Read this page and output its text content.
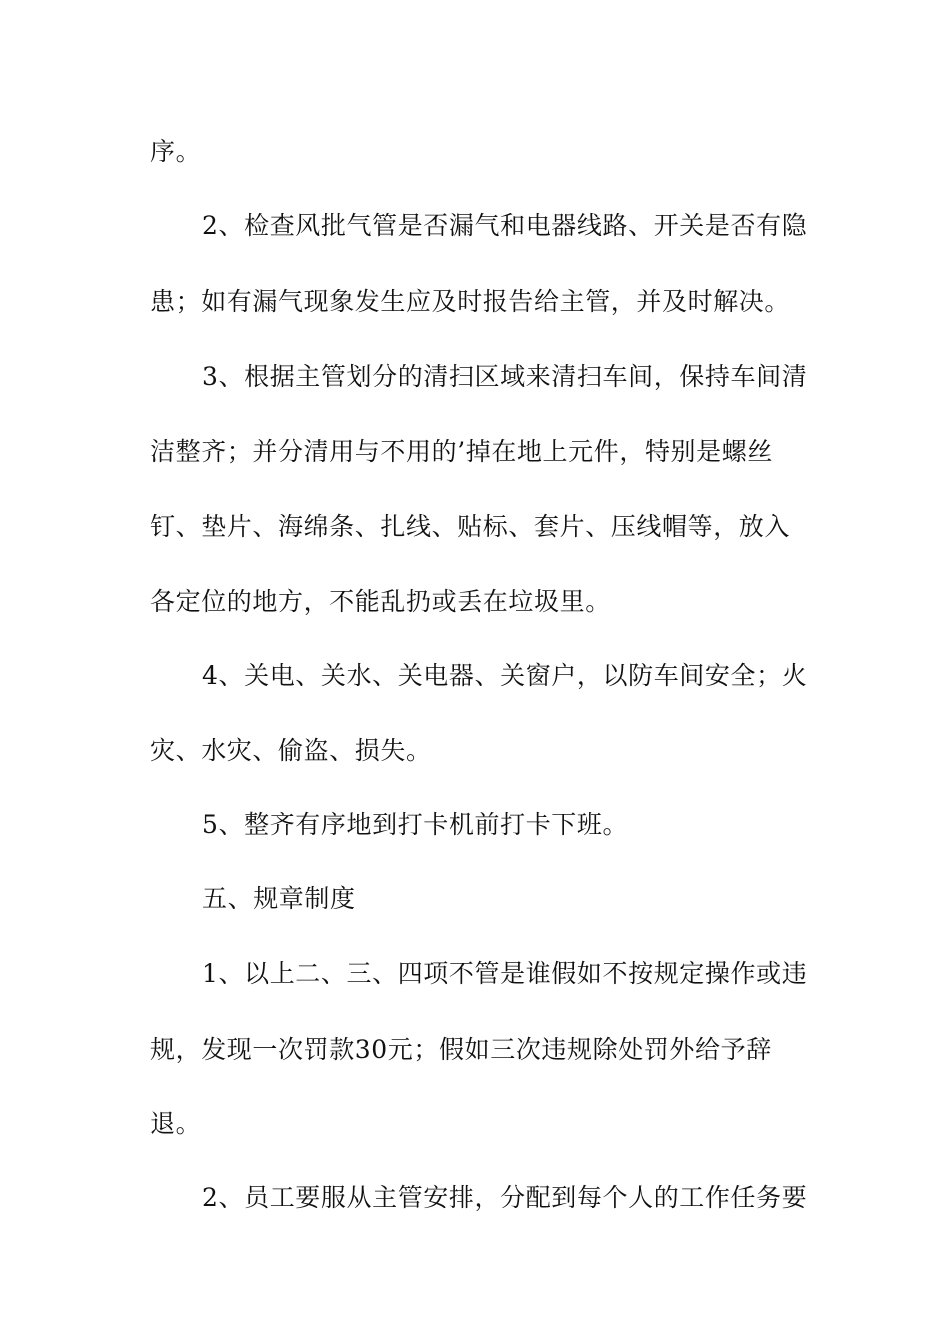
序。
2、检查风批气管是否漏气和电器线路、开关是否有隐
患；如有漏气现象发生应及时报告给主管，并及时解决。
3、根据主管划分的清扫区域来清扫车间，保持车间清
洁整齐；并分清用与不用的’掉在地上元件，特别是螺丝
钉、垫片、海绵条、扎线、贴标、套片、压线帽等，放入
各定位的地方，不能乱扔或丢在垃圾里。
4、关电、关水、关电器、关窗户，以防车间安全；火
灾、水灾、偷盗、损失。
5、整齐有序地到打卡机前打卡下班。
五、规章制度
1、以上二、三、四项不管是谁假如不按规定操作或违
规，发现一次罚款30元；假如三次违规除处罚外给予辞
退。
2、员工要服从主管安排，分配到每个人的工作任务要
